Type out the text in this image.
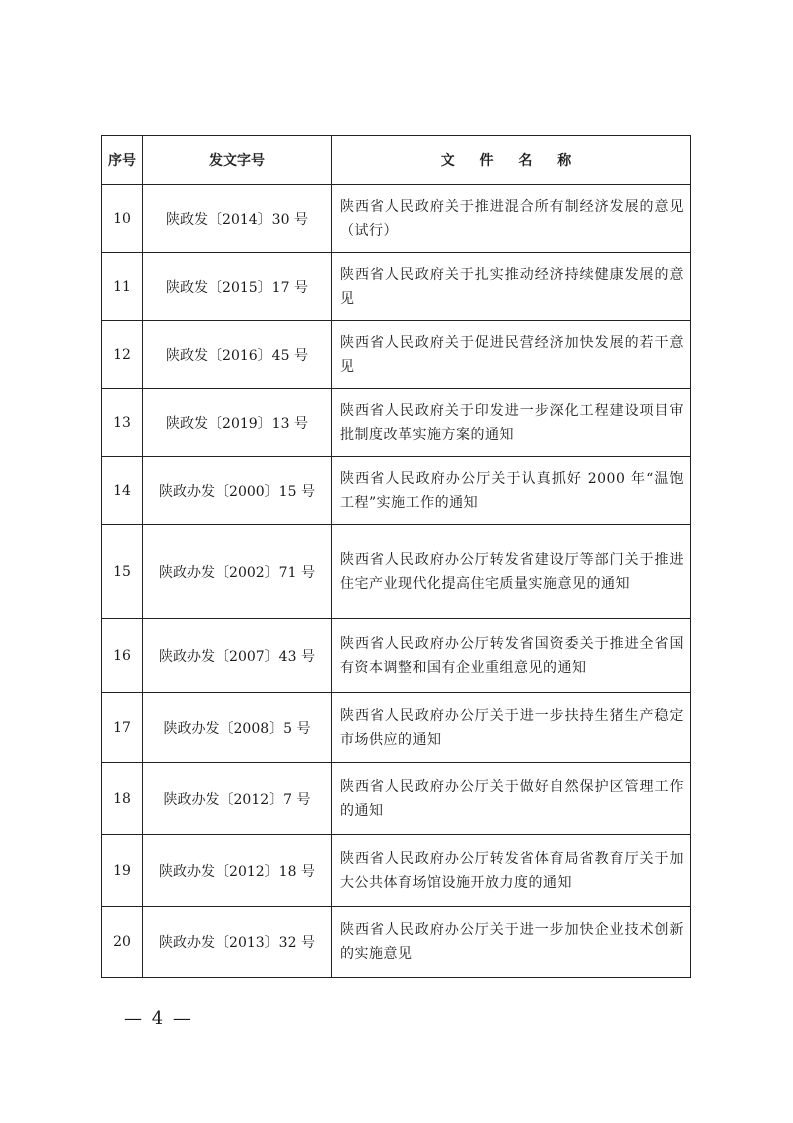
序号	发文字号	文 件 名 称
10	陕政发〔2014〕30 号	陕西省人民政府关于推进混合所有制经济发展的意见（试行）
11	陕政发〔2015〕17 号	陕西省人民政府关于扎实推动经济持续健康发展的意见
12	陕政发〔2016〕45 号	陕西省人民政府关于促进民营经济加快发展的若干意见
13	陕政发〔2019〕13 号	陕西省人民政府关于印发进一步深化工程建设项目审批制度改革实施方案的通知
14	陕政办发〔2000〕15 号	陕西省人民政府办公厅关于认真抓好 2000 年“温饱工程”实施工作的通知
15	陕政办发〔2002〕71 号	陕西省人民政府办公厅转发省建设厅等部门关于推进住宅产业现代化提高住宅质量实施意见的通知
16	陕政办发〔2007〕43 号	陕西省人民政府办公厅转发省国资委关于推进全省国有资本调整和国有企业重组意见的通知
17	陕政办发〔2008〕5 号	陕西省人民政府办公厅关于进一步扶持生猪生产稳定市场供应的通知
18	陕政办发〔2012〕7 号	陕西省人民政府办公厅关于做好自然保护区管理工作的通知
19	陕政办发〔2012〕18 号	陕西省人民政府办公厅转发省体育局省教育厅关于加大公共体育场馆设施开放力度的通知
20	陕政办发〔2013〕32 号	陕西省人民政府办公厅关于进一步加快企业技术创新的实施意见
— 4 —
